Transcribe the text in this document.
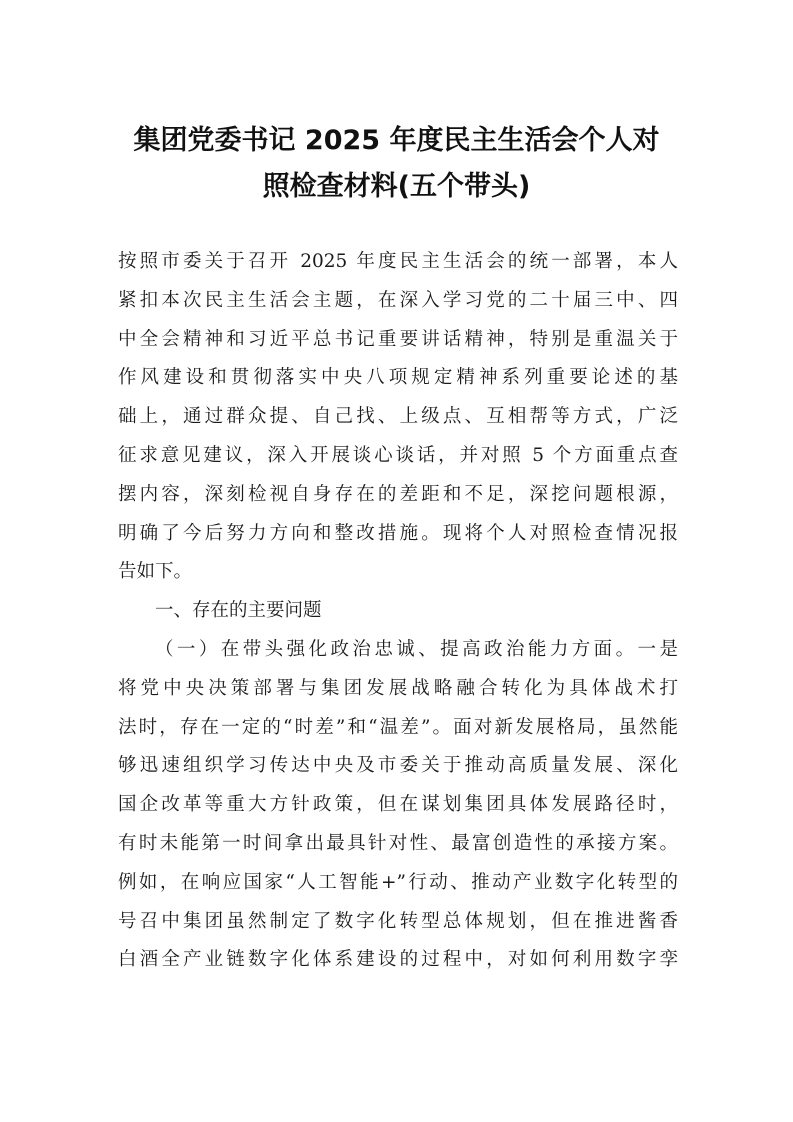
集团党委书记 2025 年度民主生活会个人对
照检查材料(五个带头)
按照市委关于召开 2025 年度民主生活会的统一部署，本人
紧扣本次民主生活会主题，在深入学习党的二十届三中、四
中全会精神和习近平总书记重要讲话精神，特别是重温关于
作风建设和贯彻落实中央八项规定精神系列重要论述的基
础上，通过群众提、自己找、上级点、互相帮等方式，广泛
征求意见建议，深入开展谈心谈话，并对照 5 个方面重点查
摆内容，深刻检视自身存在的差距和不足，深挖问题根源，
明确了今后努力方向和整改措施。现将个人对照检查情况报
告如下。
一、存在的主要问题
（一）在带头强化政治忠诚、提高政治能力方面。一是
将党中央决策部署与集团发展战略融合转化为具体战术打
法时，存在一定的“时差”和“温差”。面对新发展格局，虽然能
够迅速组织学习传达中央及市委关于推动高质量发展、深化
国企改革等重大方针政策，但在谋划集团具体发展路径时，
有时未能第一时间拿出最具针对性、最富创造性的承接方案。
例如，在响应国家“人工智能+”行动、推动产业数字化转型的
号召中集团虽然制定了数字化转型总体规划，但在推进酱香
白酒全产业链数字化体系建设的过程中，对如何利用数字孪
